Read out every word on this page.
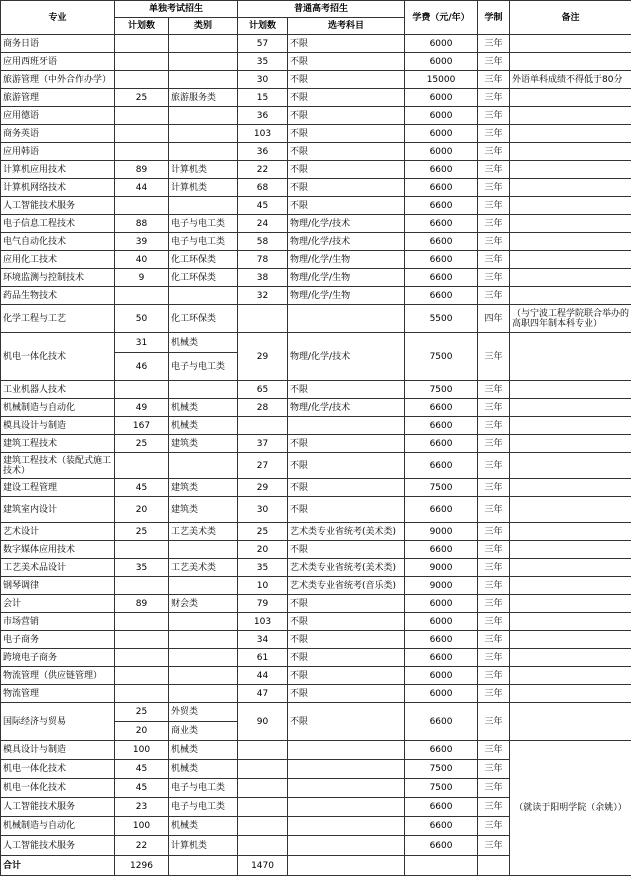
专业	单独考试招生		普通高考招生		学费（元/年）	学制	备注
	计划数	类别	计划数	选考科目			
商务日语			57	不限	6000	三年	
应用西班牙语			35	不限	6000	三年	
旅游管理（中外合作办学）			30	不限	15000	三年	外语单科成绩不得低于80分
旅游管理	25	旅游服务类	15	不限	6000	三年	
应用德语			36	不限	6000	三年	
商务英语			103	不限	6000	三年	
应用韩语			36	不限	6000	三年	
计算机应用技术	89	计算机类	22	不限	6600	三年	
计算机网络技术	44	计算机类	68	不限	6600	三年	
人工智能技术服务			45	不限	6600	三年	
电子信息工程技术	88	电子与电工类	24	物理/化学/技术	6600	三年	
电气自动化技术	39	电子与电工类	58	物理/化学/技术	6600	三年	
应用化工技术	40	化工环保类	78	物理/化学/生物	6600	三年	
环境监测与控制技术	9	化工环保类	38	物理/化学/生物	6600	三年	
药品生物技术			32	物理/化学/生物	6600	三年	
化学工程与工艺	50	化工环保类			5500	四年	（与宁波工程学院联合举办的高职四年制本科专业）
机电一体化技术	31	机械类	29	物理/化学/技术	7500	三年	
	46	电子与电工类					
工业机器人技术			65	不限	7500	三年	
机械制造与自动化	49	机械类	28	物理/化学/技术	6600	三年	
模具设计与制造	167	机械类			6600	三年	
建筑工程技术	25	建筑类	37	不限	6600	三年	
建筑工程技术（装配式施工技术）			27	不限	6600	三年	
建设工程管理	45	建筑类	29	不限	7500	三年	
建筑室内设计	20	建筑类	30	不限	6600	三年	
艺术设计	25	工艺美术类	25	艺术类专业省统考(美术类)	9000	三年	
数字媒体应用技术			20	不限	6600	三年	
工艺美术品设计	35	工艺美术类	35	艺术类专业省统考(美术类)	9000	三年	
钢琴调律			10	艺术类专业省统考(音乐类)	9000	三年	
会计	89	财会类	79	不限	6000	三年	
市场营销			103	不限	6000	三年	
电子商务			34	不限	6600	三年	
跨境电子商务			61	不限	6600	三年	
物流管理（供应链管理）			44	不限	6000	三年	
物流管理			47	不限	6000	三年	
国际经济与贸易	25	外贸类	90	不限	6600	三年	
	20	商业类					
模具设计与制造	100	机械类			6600	三年	（就读于阳明学院（余姚））
机电一体化技术	45	机械类			7500	三年	
机电一体化技术	45	电子与电工类			7500	三年	
人工智能技术服务	23	电子与电工类			6600	三年	
机械制造与自动化	100	机械类			6600	三年	
人工智能技术服务	22	计算机类			6600	三年	
合计	1296		1470				
